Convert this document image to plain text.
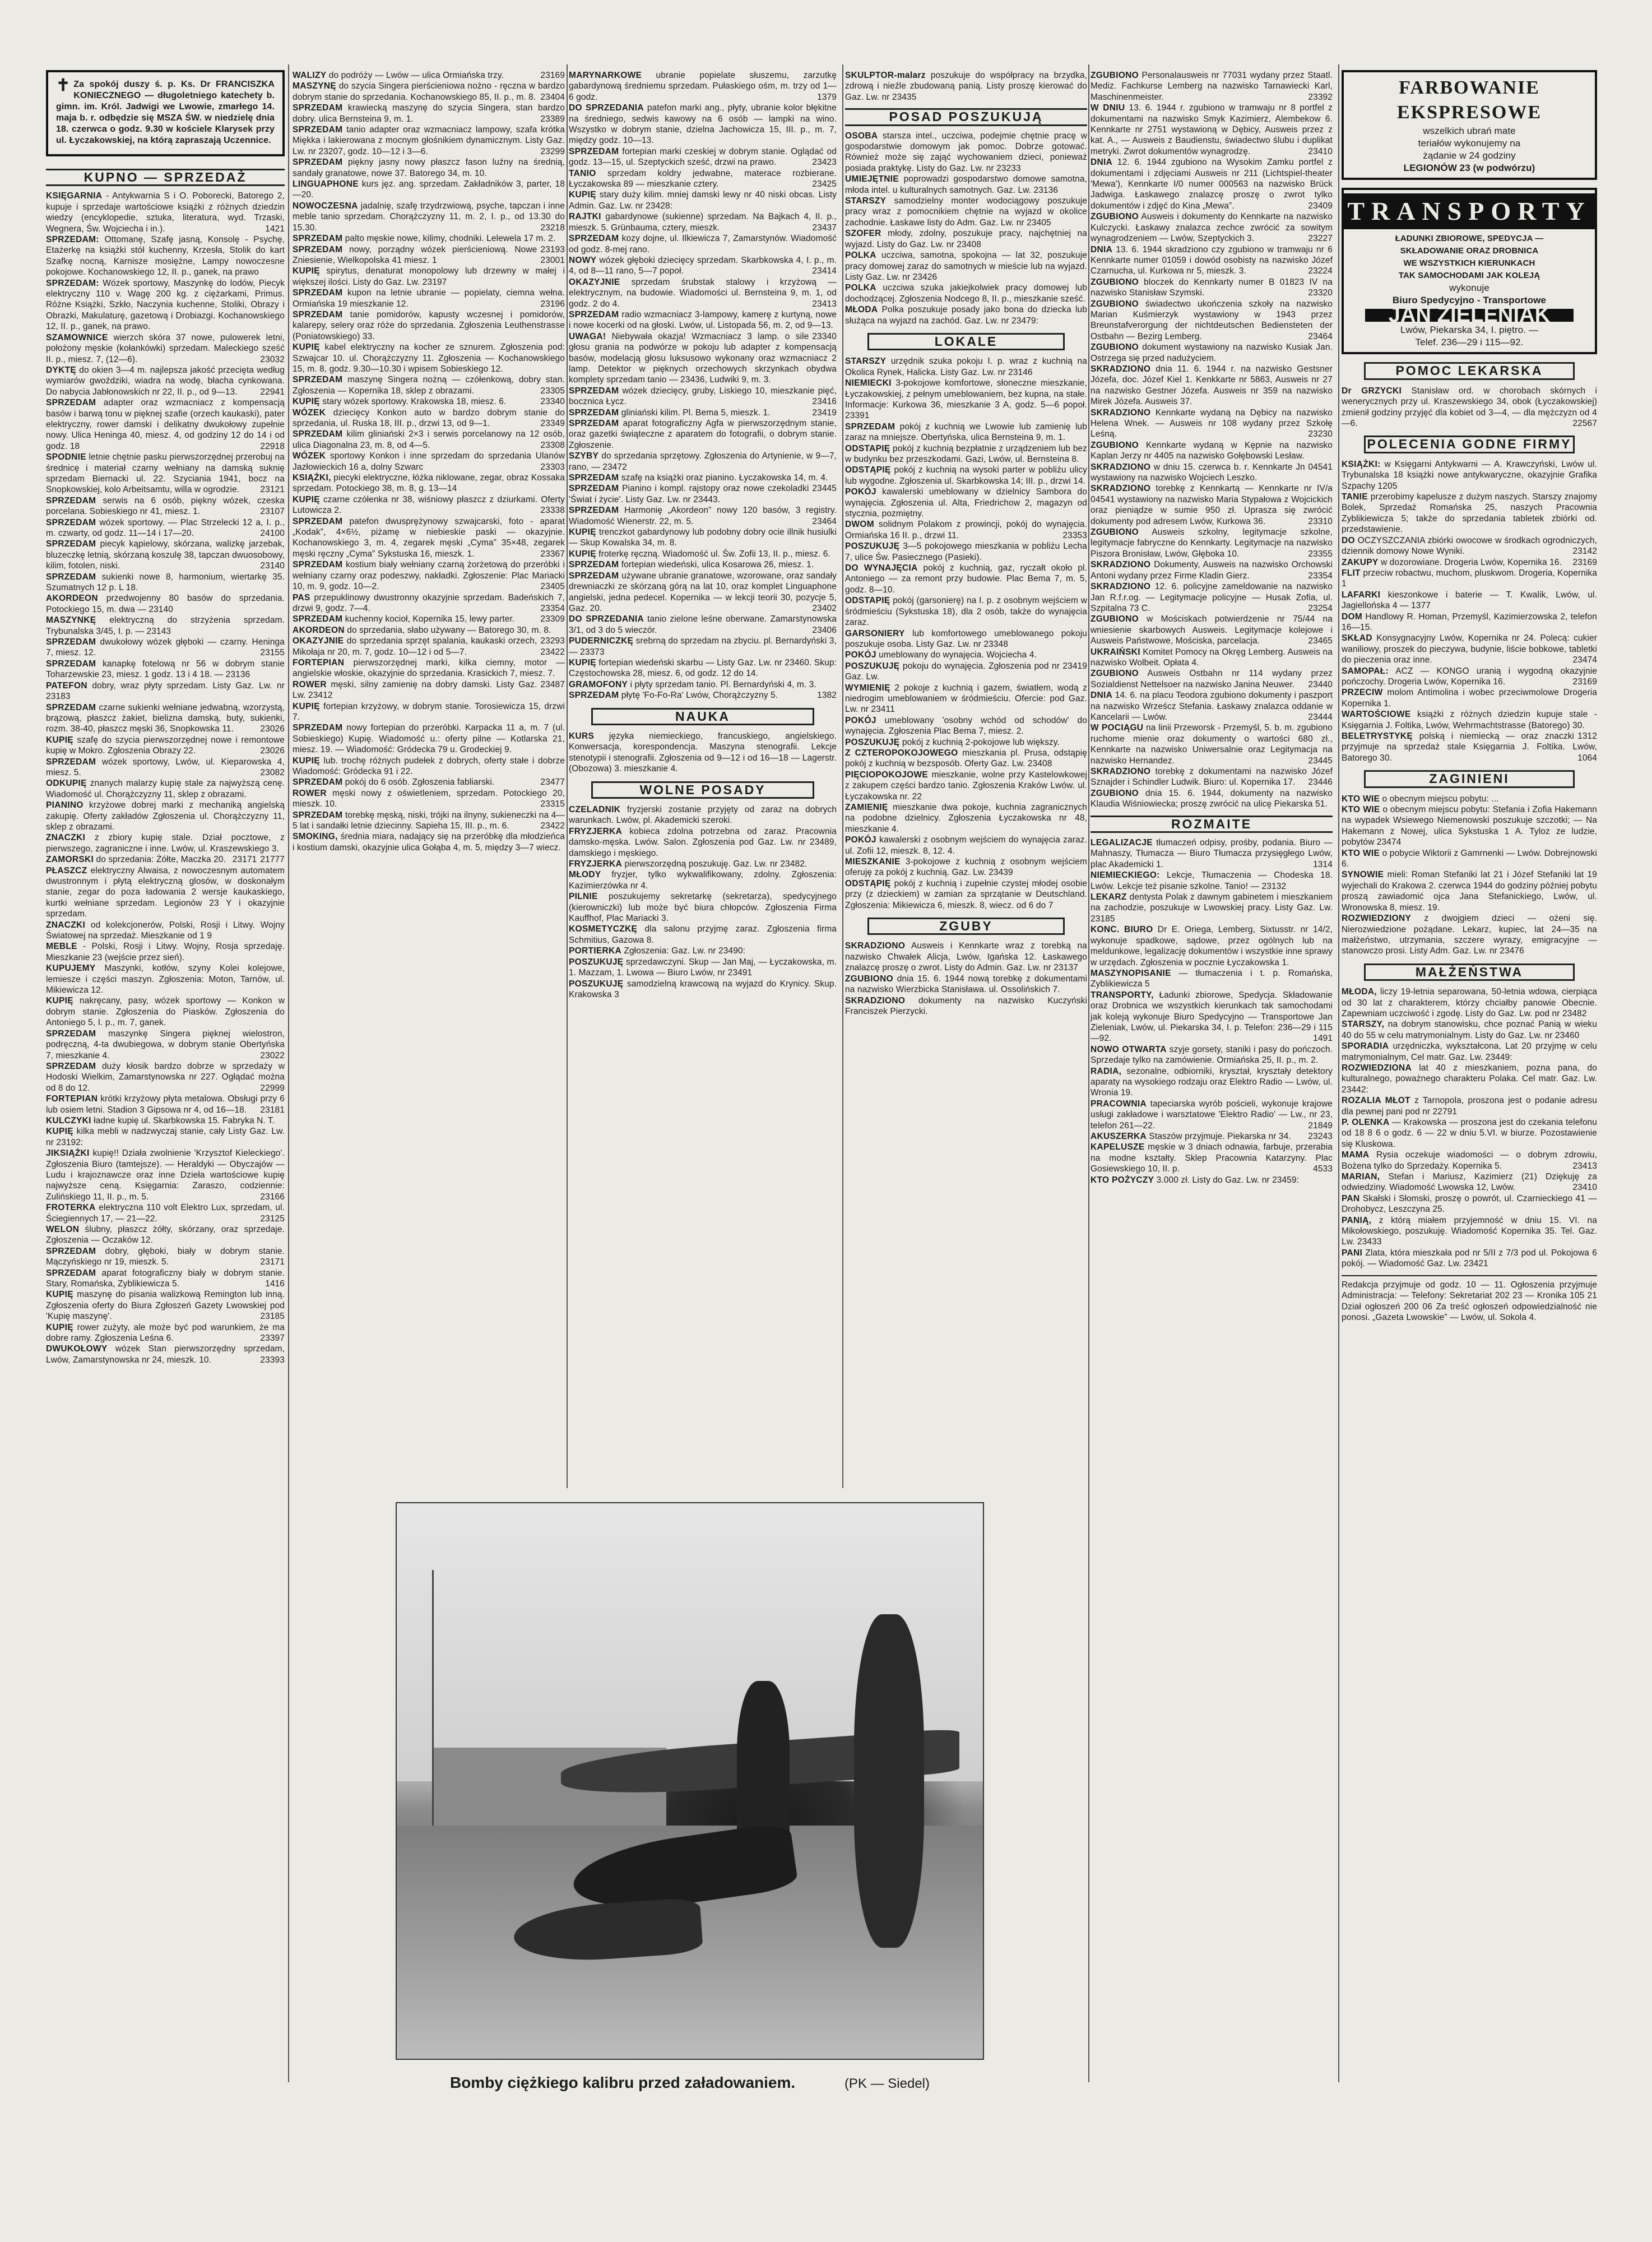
✝ Za spokój duszy ś. p. Ks. Dr FRANCISZKA KONIECZNEGO — długoletniego katechety b. gimn. im. Król. Jadwigi we Lwowie, zmarłego 14. maja b. r. odbędzie się MSZA ŚW. w niedzielę dnia 18. czerwca o godz. 9.30 w kościele Klarysek przy ul. Łyczakowskiej, na którą zapraszają Uczennice.
KUPNO — SPRZEDAŻ
KSIĘGARNIA - Antykwarnia S i O. Poborecki, Batorego 2, kupuje i sprzedaje wartościowe książki z różnych dziedzin wiedzy (encyklopedie, sztuka, literatura, wyd. Trzaski, Wegnera, Św. Wojciecha i in.).	1421
SPRZEDAM: Ottomanę, Szafę jasną, Konsolę - Psychę, Etażerkę na książki stół kuchenny, Krzesła, Stolik do kart Szafkę nocną, Karnisze mosiężne, Lampy nowoczesne pokojowe. Kochanowskiego 12, II. p., ganek, na prawo
SPRZEDAM: Wózek sportowy, Maszynkę do lodów, Piecyk elektryczny 110 v. Wagę 200 kg. z ciężarkami, Primus. Różne Książki, Szkło, Naczynia kuchenne, Stoliki, Obrazy i Obrazki, Makulaturę, gazetową i Drobiazgi. Kochanowskiego 12, II. p., ganek, na prawo.
SZAMOWNICE wierzch skóra 37 nowe, pulowerek letni, położony męskie (kołankówki) sprzedam. Maleckiego sześć II. p., miesz. 7, (12—6).	23032
DYKTĘ do okien 3—4 m. najlepsza jakość przecięta według wymiarów gwoździki, wiadra na wodę, błacha cynkowana. Do nabycia Jabłonowskich nr 22, II. p., od 9—13.	22941
SPRZEDAM adapter oraz wzmacniacz z kompensacją basów i barwą tonu w pięknej szafie (orzech kaukaski), pater elektryczny, rower damski i delikatny dwukołowy zupełnie nowy. Ulica Heninga 40, miesz. 4, od godziny 12 do 14 i od godz. 18	22918
SPODNIE letnie chętnie pasku pierwszorzędnej przerobuj na średnicę i materiał czarny wełniany na damską suknię sprzedam Biernacki ul. 22. Szyciania 1941, bocz na Snopkowskiej, kolo Arbeitsamtu, willa w ogrodzie.	23121
SPRZEDAM serwis na 6 osób, piękny wózek, czeska porcelana. Sobieskiego nr 41, miesz. 1.	23107
SPRZEDAM wózek sportowy. — Plac Strzelecki 12 a, I. p., m. czwarty, od godz. 11—14 i 17—20.	24100
SPRZEDAM piecyk kąpielowy, skórzana, walizkę jarzebak, bluzeczkę letnią, skórzaną koszulę 38, tapczan dwuosobowy, kilim, fotolen, niski.	23140
SPRZEDAM sukienki nowe 8, harmonium, wiertarkę 35. Szumatnych 12 p. L 18.
AKORDEON przedwojenny 80 basów do sprzedania. Potockiego 15, m. dwa — 23140
MASZYNKĘ elektryczną do strzyżenia sprzedam. Trybunalska 3/45, I. p. — 23143
SPRZEDAM dwukołowy wózek głęboki — czarny. Heninga 7, miesz. 12.	23155
SPRZEDAM kanapkę fotelową nr 56 w dobrym stanie Toharzewskie 23, miesz. 1 godz. 13 i 4 18. — 23136
PATEFON dobry, wraz płyty sprzedam. Listy Gaz. Lw. nr 23183
SPRZEDAM czarne sukienki wełniane jedwabną, wzorzystą, brązową, płaszcz żakiet, bielizna damską, buty, sukienki, rozm. 38-40, płaszcz męski 36, Snopkowska 11.	23026
KUPIĘ szafę do szycia pierwszorzędnej nowe i remontowe kupię w Mokro. Zgłoszenia Obrazy 22.	23026
SPRZEDAM wózek sportowy, Lwów, ul. Kieparowska 4, miesz. 5.	23082
ODKUPIĘ znanych malarzy kupię stale za najwyższą cenę. Wiadomość ul. Chorążczyzny 11, sklep z obrazami.
PIANINO krzyżowe dobrej marki z mechaniką angielską zakupię. Oferty zakładów Zgłoszenia ul. Chorążczyzny 11, sklep z obrazami.
ZNACZKI z zbiory kupię stale. Dział pocztowe, z pierwszego, zagraniczne i inne. Lwów, ul. Kraszewskiego 3.
21777
ZAMORSKI do sprzedania: Żółte, Maczka 20. 23171
PŁASZCZ elektryczny Alwaisa, z nowoczesnym automatem dwustronnym i płytą elektryczną glosów, w doskonałym stanie, zegar do poza ładowania 2 wersje kaukaskiego, kurtki wełniane sprzedam. Legionów 23 Y i okazyjnie sprzedam.
ZNACZKI od kolekcjonerów, Polski, Rosji i Litwy. Wojny Światowej na sprzedaż. Mieszkanie od 1 9
MEBLE - Polski, Rosji i Litwy. Wojny, Rosja sprzedaję. Mieszkanie 23 (wejście przez sień).
KUPUJEMY Maszynki, kotłów, szyny Kolei kolejowe, lemiesze i części maszyn. Zgłoszenia: Moton, Tarnów, ul. Mikiewicza 12.
KUPIĘ nakręcany, pasy, wózek sportowy — Konkon w dobrym stanie. Zgłoszenia do Piasków. Zgłoszenia do Antoniego 5, I. p., m. 7, ganek.
SPRZEDAM maszynkę Singera pięknej wielostron, podręczną, 4-ta dwubiegowa, w dobrym stanie Obertyńska 7, mieszkanie 4.	23022
SPRZEDAM duży kłosik bardzo dobrze w sprzedaży w Hodoski Wielkim, Zamarstynowska nr 227. Ogłądać można od 8 do 12.	22999
FORTEPIAN krótki krzyżowy płyta metalowa. Obsługi przy 6 lub osiem letni. Stadion 3 Gipsowa nr 4, od 16—18.	23181
KULCZYKI ładne kupię ul. Skarbkowska 15. Fabryka N. T.
KUPIĘ kilka mebli w nadzwyczaj stanie, cały Listy Gaz. Lw. nr 23192:
JIKSIĄŻKI kupię!! Działa zwolnienie 'Krzysztof Kieleckiego'. Zgłoszenia Biuro (tamtejsze). — Heraldyki — Obyczajów — Ludu i krajoznawcze oraz inne Dzieła wartościowe kupię najwyższe ceną. Księgarnia: Zaraszo, codziennie: Zulińskiego 11, II. p., m. 5.	23166
FROTERKA elektryczna 110 volt Elektro Lux, sprzedam, ul. Ściegiennych 17, — 21—22.	23125
WELON ślubny, płaszcz żółty, skórzany, oraz sprzedaje. Zgłoszenia — Oczaków 12.
SPRZEDAM dobry, głęboki, biały w dobrym stanie. Mączyńskiego nr 19, mieszk. 5.	23171
SPRZEDAM aparat fotograficzny biały w dobrym stanie. Stary, Romańska, Zyblikiewicza 5.	1416
KUPIĘ maszynę do pisania walizkową Remington lub inną. Zgłoszenia oferty do Biura Zgłoszeń Gazety Lwowskiej pod 'Kupię maszynę'.	23185
KUPIĘ rower zużyty, ale może być pod warunkiem, że ma dobre ramy. Zgłoszenia Leśna 6.	23397
DWUKOŁOWY wózek Stan pierwszorzędny sprzedam, Lwów, Zamarstynowska nr 24, mieszk. 10.	23393
WALIZY do podróży — Lwów — ulica Ormiańska trzy.	23169
MASZYNĘ do szycia Singera pierścieniowa nożno - ręczna w bardzo dobrym stanie do sprzedania. Kochanowskiego 85, II. p., m. 8. 23404
SPRZEDAM krawiecką maszynę do szycia Singera, stan bardzo dobry. ulica Bernsteina 9, m. 1.	23389
SPRZEDAM tanio adapter oraz wzmacniacz lampowy, szafa krótka Miękka i lakierowana z mocnym głośnikiem dynamicznym. Listy Gaz. Lw. nr 23207, godz. 10—12 i 3—6.	23299
SPRZEDAM piękny jasny nowy płaszcz fason luźny na średnią, sandały granatowe, nowe 37. Batorego 34, m. 10.
LINGUAPHONE kurs jęz. ang. sprzedam. Zakładników 3, parter, 18—20.
NOWOCZESNA jadalnię, szafę trzydrzwiową, psyche, tapczan i inne meble tanio sprzedam. Chorążczyzny 11, m. 2, I. p., od 13.30 do 15.30.	23218
SPRZEDAM palto męskie nowe, kilimy, chodniki. Lelewela 17 m. 2.
23193
SPRZEDAM nowy, porządny wózek pierścieniową. Nowe Zniesienie, Wielkopolska 41 miesz. 1	23001
KUPIĘ spirytus, denaturat monopolowy lub drzewny w małej i większej ilości. Listy do Gaz. Lw. 23197
SPRZEDAM kupon na letnie ubranie — popielaty, ciemna wełna. Ormiańska 19 mieszkanie 12.	23196
SPRZEDAM tanie pomidorów, kapusty wczesnej i pomidorów, kalarepy, selery oraz róże do sprzedania. Zgłoszenia Leuthenstrasse (Poniatowskiego) 33.
KUPIĘ kabel elektryczny na kocher ze sznurem. Zgłoszenia pod: Szwajcar 10. ul. Chorążczyzny 11. Zgłoszenia — Kochanowskiego 15, m. 8, godz. 9.30—10.30 i wpisem Sobieskiego 12.
SPRZEDAM maszynę Singera nożną — czółenkową, dobry stan. Zgłoszenia — Kopernika 18, sklep z obrazami.	23305
KUPIĘ stary wózek sportowy. Krakowska 18, miesz. 6.	23340
WÓZEK dziecięcy Konkon auto w bardzo dobrym stanie do sprzedania, ul. Ruska 18, III. p., drzwi 13, od 9—1.	23349
SPRZEDAM kilim gliniański 2×3 i serwis porcelanowy na 12 osób, ulica Diagonalna 23, m. 8, od 4—5.	23308
WÓZEK sportowy Konkon i inne sprzedam do sprzedania Ulanów Jazłowieckich 16 a, dolny Szwarc	23303
KSIĄŻKI, piecyki elektryczne, łóżka niklowane, zegar, obraz Kossaka sprzedam. Potockiego 38, m. 8, g. 13—14
KUPIĘ czarne czółenka nr 38, wiśniowy płaszcz z dziurkami. Oferty Lutowicza 2.	23338
SPRZEDAM patefon dwusprężynowy szwajcarski, foto - aparat „Kodak”, 4×6½, piżamę w niebieskie paski — okazyjnie. Kochanowskiego 3, m. 4, zegarek męski „Cyma” 35×48, zegarek męski ręczny „Cyma” Sykstuska 16, mieszk. 1.	23367
SPRZEDAM kostium biały wełniany czarną żorżetową do przeróbki i wełniany czarny oraz podeszwy, nakładki. Zgłoszenie: Plac Mariacki 10, m. 9, godz. 10—2.	23405
PAS przepuklinowy dwustronny okazyjnie sprzedam. Badeńskich 7, drzwi 9, godz. 7—4.	23354
SPRZEDAM kuchenny kocioł, Kopernika 15, lewy parter.	23309
AKORDEON do sprzedania, słabo używany — Batorego 30, m. 8.
23293
OKAZYJNIE do sprzedania sprzęt spalania, kaukaski orzech, Mikołaja nr 20, m. 7, godz. 10—12 i od 5—7.	23422
FORTEPIAN pierwszorzędnej marki, kilka ciemny, motor — angielskie włoskie, okazyjnie do sprzedania. Krasickich 7, miesz. 7.
23487
ROWER męski, silny zamienię na dobry damski. Listy Gaz. Lw. 23412
KUPIĘ fortepian krzyżowy, w dobrym stanie. Torosiewicza 15, drzwi 7.
SPRZEDAM nowy fortepian do przeróbki. Karpacka 11 a, m. 7 (ul. Sobieskiego) Kupię. Wiadomość u.: oferty pilne — Kotlarska 21, miesz. 19. — Wiadomość: Gródecka 79 u. Grodeckiej 9.
KUPIĘ lub. trochę różnych pudełek z dobrych, oferty stałe i dobrze Wiadomość: Gródecka 91 i 22.
SPRZEDAM pokój do 6 osób. Zgłoszenia fabliarski.	23477
ROWER męski nowy z oświetleniem, sprzedam. Potockiego 20, mieszk. 10.	23315
SPRZEDAM torebkę męską, niski, trójki na ilnyny, sukieneczki na 4—5 lat i sandałki letnie dziecinny. Sapieha 15, III. p., m. 6.	23422
SMOKING, średnia miara, nadający się na przeróbkę dla młodzieńca i kostium damski, okazyjnie ulica Gołąba 4, m. 5, między 3—7 wiecz.
MARYNARKOWE ubranie popielate słuszemu, zarzutkę gabardynową średniemu sprzedam. Pułaskiego ośm, m. trzy od 1—6 godz.	1379
DO SPRZEDANIA patefon marki ang., płyty, ubranie kolor błękitne na średniego, sedwis kawowy na 6 osób — lampki na wino. Wszystko w dobrym stanie, dzielna Jachowicza 15, III. p., m. 7, między godz. 10—13.
SPRZEDAM fortepian marki czeskiej w dobrym stanie. Oglądać od godz. 13—15, ul. Szeptyckich sześć, drzwi na prawo.	23423
TANIO sprzedam koldry jedwabne, materace rozbierane. Łyczakowska 89 — mieszkanie cztery.	23425
KUPIĘ stary duży kilim. mniej damski lewy nr 40 niski obcas. Listy Admin. Gaz. Lw. nr 23428:
RAJTKI gabardynowe (sukienne) sprzedam. Na Bajkach 4, II. p., mieszk. 5. Grünbauma, cztery, mieszk.	23437
SPRZEDAM kozy dojne, ul. Ilkiewicza 7, Zamarstynów. Wiadomość od godz. 8-mej rano.
NOWY wózek głęboki dziecięcy sprzedam. Skarbkowska 4, I. p., m. 4, od 8—11 rano, 5—7 popoł.	23414
OKAZYJNIE sprzedam śrubstak stalowy i krzyżową — elektrycznym, na budowie. Wiadomości ul. Bernsteina 9, m. 1, od godz. 2 do 4.	23413
SPRZEDAM radio wzmacniacz 3-lampowy, kamerę z kurtyną, nowe i nowe kocerki od na głoski. Lwów, ul. Listopada 56, m. 2, od 9—13.
23340
UWAGA! Niebywała okazja! Wzmacniacz 3 lamp. o sile głosu grania na podwórze w pokoju lub adapter z kompensacją basów, modelacją głosu luksusowo wykonany oraz wzmacniacz 2 lamp. Detektor w pięknych orzechowych skrzynkach obydwa komplety sprzedam tanio — 23436, Ludwiki 9, m. 3.
SPRZEDAM wózek dziecięcy, gruby, Liskiego 10, mieszkanie pięć, bocznica Łycz.	23416
SPRZEDAM gliniański kilim. Pl. Bema 5, mieszk. 1.	23419
SPRZEDAM aparat fotograficzny Agfa w pierwszorzędnym stanie, oraz gazetki świąteczne z aparatem do fotografii, o dobrym stanie. Zgłoszenie.
SZYBY do sprzedania sprzętowy. Zgłoszenia do Artynienie, w 9—7, rano, — 23472
SPRZEDAM szafę na książki oraz pianino. Łyczakowska 14, m. 4.
23445
SPRZEDAM Pianino i kompl. rajstopy oraz nowe czekoladki 'Świat i życie'. Listy Gaz. Lw. nr 23443.
SPRZEDAM Harmonię „Akordeon” nowy 120 basów, 3 registry. Wiadomość Wienerstr. 22, m. 5.	23464
KUPIĘ trenczkot gabardynowy lub podobny dobry ocie illnik husiulki — Skup Kowalska 34, m. 8.
KUPIĘ froterkę ręczną. Wiadomość ul. Św. Zofii 13, II. p., miesz. 6.
SPRZEDAM fortepian wiedeński, ulica Kosarowa 26, miesz. 1.
SPRZEDAM używane ubranie granatowe, wzorowane, oraz sandały drewniaczki ze skórzaną górą na lat 10, oraz komplet Linguaphone angielski, jedna pedecel. Kopernika — w lekcji teorii 30, pozycje 5, Gaz. 20.	23402
DO SPRZEDANIA tanio zielone leśne oberwane. Zamarstynowska 3/1, od 3 do 5 wieczór.	23406
PUDERNICZKĘ srebrną do sprzedam na zbyciu. pl. Bernardyński 3, — 23373
KUPIĘ fortepian wiedeński skarbu — Listy Gaz. Lw. nr 23460. Skup: Częstochowska 28, miesz. 6, od godz. 12 do 14.
GRAMOFONY i płyty sprzedam tanio. Pl. Bernardyński 4, m. 3.
SPRZEDAM płytę 'Fo-Fo-Ra' Lwów, Chorążczyzny 5.	1382
NAUKA
KURS języka niemieckiego, francuskiego, angielskiego. Konwersacja, korespondencja. Maszyna stenografii. Lekcje stenotypii i stenografii. Zgłoszenia od 9—12 i od 16—18 — Lagerstr. (Obozowa) 3. mieszkanie 4.
WOLNE POSADY
CZELADNIK fryzjerski zostanie przyjęty od zaraz na dobrych warunkach. Lwów, pl. Akademicki szeroki.
FRYZJERKA kobieca zdolna potrzebna od zaraz. Pracownia damsko-męska. Lwów. Salon. Zgłoszenia pod Gaz. Lw. nr 23489, damskiego i męskiego.
FRYZJERKA pierwszorzędną poszukuję. Gaz. Lw. nr 23482.
MŁODY fryzjer, tylko wykwalifikowany, zdolny. Zgłoszenia: Kazimierzówka nr 4.
PILNIE poszukujemy sekretarkę (sekretarza), spedycyjnego (kierowniczki) lub może być biura chłopców. Zgłoszenia Firma Kauffhof, Plac Mariacki 3.
KOSMETYCZKĘ dla salonu przyjmę zaraz. Zgłoszenia firma Schmitius, Gazowa 8.
PORTIERKA Zgłoszenia: Gaz. Lw. nr 23490:
POSZUKUJĘ sprzedawczyni. Skup — Jan Maj, — Łyczakowska, m. 1. Mazzam, 1. Lwowa — Biuro Lwów, nr 23491
POSZUKUJĘ samodzielną krawcową na wyjazd do Krynicy. Skup. Krakowska 3
SKULPTOR-malarz poszukuje do współpracy na brzydka, zdrową i nieźle zbudowaną panią. Listy proszę kierować do Gaz. Lw. nr 23435
POSAD POSZUKUJĄ
OSOBA starsza intel., uczciwa, podejmie chętnie pracę w gospodarstwie domowym jak pomoc. Dobrze gotować. Również może się zająć wychowaniem dzieci, ponieważ posiada praktykę. Listy do Gaz. Lw. nr 23233
UMIEJĘTNIE poprowadzi gospodarstwo domowe samotna, młoda intel. u kulturalnych samotnych. Gaz. Lw. 23136
STARSZY samodzielny monter wodociągowy poszukuje pracy wraz z pomocnikiem chętnie na wyjazd w okolice zachodnie. Łaskawe listy do Adm. Gaz. Lw. nr 23405
SZOFER młody, zdolny, poszukuje pracy, najchętniej na wyjazd. Listy do Gaz. Lw. nr 23408
POLKA uczciwa, samotna, spokojna — lat 32, poszukuje pracy domowej zaraz do samotnych w mieście lub na wyjazd. Listy Gaz. Lw. nr 23426
POLKA uczciwa szuka jakiejkolwiek pracy domowej lub dochodzącej. Zgłoszenia Nodcego 8, II. p., mieszkanie sześć.
MŁODA Polka poszukuje posady jako bona do dziecka lub służąca na wyjazd na zachód. Gaz. Lw. nr 23479:
LOKALE
STARSZY urzędnik szuka pokoju I. p. wraz z kuchnią na Okolica Rynek, Halicka. Listy Gaz. Lw. nr 23146
NIEMIECKI 3-pokojowe komfortowe, słoneczne mieszkanie, Łyczakowskiej, z pełnym umeblowaniem, bez kupna, na stałe. Informacje: Kurkowa 36, mieszkanie 3 A, godz. 5—6 popoł. 23391
SPRZEDAM pokój z kuchnią we Lwowie lub zamienię lub zaraz na mniejsze. Obertyńska, ulica Bernsteina 9, m. 1.
ODSTAPIĘ pokój z kuchnią bezpłatnie z urządzeniem lub bez w budynku bez przeszkodami. Gazi, Lwów, ul. Bernsteina 8.
ODSTĄPIĘ pokój z kuchnią na wysoki parter w pobliżu ulicy lub wygodne. Zgłoszenia ul. Skarbkowska 14; III. p., drzwi 14.
POKÓJ kawalerski umeblowany w dzielnicy Sambora do wynajęcia. Zgłoszenia ul. Alta, Friedrichow 2, magazyn od stycznia, pozmiętny.
DWOM solidnym Polakom z prowincji, pokój do wynajęcia. Ormiańska 16 II. p., drzwi 11.	23353
POSZUKUJĘ 3—5 pokojowego mieszkania w pobliżu Lecha 7, ulice Św. Pasiecznego (Pasieki).
DO WYNAJĘCIA pokój z kuchnią, gaz, ryczałt około pl. Antoniego — za remont przy budowie. Plac Bema 7, m. 5, godz. 8—10.
ODSTAPIĘ pokój (garsonierę) na I. p. z osobnym wejściem w śródmieściu (Sykstuska 18), dla 2 osób, także do wynajęcia zaraz.
GARSONIERY lub komfortowego umeblowanego pokoju poszukuje osoba. Listy Gaz. Lw. nr 23348
POKÓJ umeblowany do wynajęcia. Wojciecha 4.
POSZUKUJĘ pokoju do wynajęcia. Zgłoszenia pod nr 23419 Gaz. Lw.
WYMIENIĘ 2 pokoje z kuchnią i gazem, światłem, wodą z niedrogim umeblowaniem w śródmieściu. Ofercie: pod Gaz. Lw. nr 23411
POKÓJ umeblowany 'osobny wchód od schodów' do wynajęcia. Zgłoszenia Plac Bema 7, miesz. 2.
POSZUKUJĘ pokój z kuchnią 2-pokojowe lub większy.
Z CZTEROPOKOJOWEGO mieszkania pl. Prusa, odstąpię pokój z kuchnią w bezsposób. Oferty Gaz. Lw. 23408
PIĘCIOPOKOJOWE mieszkanie, wolne przy Kastelowkowej z zakupem części bardzo tanio. Zgłoszenia Kraków Lwów. ul. Łyczakowska nr. 22
ZAMIENIĘ mieszkanie dwa pokoje, kuchnia zagranicznych na podobne dzielnicy. Zgłoszenia Łyczakowska nr 48, mieszkanie 4.
POKÓJ kawalerski z osobnym wejściem do wynajęcia zaraz. ul. Zofii 12, mieszk. 8, 12. 4.
MIESZKANIE 3-pokojowe z kuchnią z osobnym wejściem oferuję za pokój z kuchnią. Gaz. Lw. 23439
ODSTĄPIĘ pokój z kuchnią i zupełnie czystej młodej osobie przy (z dzieckiem) w zamian za sprzątanie w Deutschland. Zgłoszenia: Mikiewicza 6, mieszk. 8, wiecz. od 6 do 7
ZGUBY
SKRADZIONO Ausweis i Kennkarte wraz z torebką na nazwisko Chwałek Alicja, Lwów, Igańska 12. Łaskawego znalazcę proszę o zwrot. Listy do Admin. Gaz. Lw. nr 23137
ZGUBIONO dnia 15. 6. 1944 nową torebkę z dokumentami na nazwisko Wierzbicka Stanisława. ul. Ossolińskich 7.
SKRADZIONO dokumenty na nazwisko Kuczyński Franciszek Pierzycki.
ZGUBIONO Personalausweis nr 77031 wydany przez Staatl. Mediz. Fachkurse Lemberg na nazwisko Tarnawiecki Karl, Maschinenmeister.	23392
W DNIU 13. 6. 1944 r. zgubiono w tramwaju nr 8 portfel z dokumentami na nazwisko Smyk Kazimierz, Alembekow 6. Kennkarte nr 2751 wystawioną w Dębicy, Ausweis przez z kat. A., — Ausweis z Baudienstu, świadectwo ślubu i duplikat metryki. Zwrot dokumentów wynagrodzę.	23410
DNIA 12. 6. 1944 zgubiono na Wysokim Zamku portfel z dokumentami i zdjęciami Ausweis nr 211 (Lichtspiel-theater 'Mewa'), Kennkarte I/0 numer 000563 na nazwisko Brück Jadwiga. Łaskawego znalazcę proszę o zwrot tylko dokumentów i zdjęć do Kina „Mewa”.	23409
ZGUBIONO Ausweis i dokumenty do Kennkarte na nazwisko Kulczycki. Łaskawy znalazca zechce zwrócić za sowitym wynagrodzeniem — Lwów, Szeptyckich 3.	23227
DNIA 13. 6. 1944 skradziono czy zgubiono w tramwaju nr 6 Kennkarte numer 01059 i dowód osobisty na nazwisko Józef Czarnucha, ul. Kurkowa nr 5, mieszk. 3.	23224
ZGUBIONO bloczek do Kennkarty numer B 01823 IV na nazwisko Stanisław Szymski.	23320
ZGUBIONO świadectwo ukończenia szkoły na nazwisko Marian Kuśmierzyk wystawiony w 1943 przez Breunstafverorgung der nichtdeutschen Bediensteten der Ostbahn — Bezirg Lemberg.	23464
ZGUBIONO dokument wystawiony na nazwisko Kusiak Jan. Ostrzega się przed nadużyciem.
SKRADZIONO dnia 11. 6. 1944 r. na nazwisko Gestsner Józefa, doc. Józef Kiel 1. Kenkkarte nr 5863, Ausweis nr 27 na nazwisko Gestner Józefa. Ausweis nr 359 na nazwisko Mirek Józefa. Ausweis 37.
SKRADZIONO Kennkarte wydaną na Dębicy na nazwisko Helena Wnek. — Ausweis nr 108 wydany przez Szkołę Leśną.	23230
ZGUBIONO Kennkarte wydaną w Kępnie na nazwisko Kaplan Jerzy nr 4405 na nazwisko Gołębowski Lesław.
SKRADZIONO w dniu 15. czerwca b. r. Kennkarte Jn 04541 wystawiony na nazwisko Wojciech Leszko.
SKRADZIONO torebkę z Kennkartą — Kennkarte nr IV/a 04541 wystawiony na nazwisko Maria Stypałowa z Wojcickich oraz pieniądze w sumie 950 zł. Uprasza się zwrócić dokumenty pod adresem Lwów, Kurkowa 36.	23310
ZGUBIONO Ausweis szkolny, legitymacje szkolne, legitymacje fabryczne do Kennkarty. Legitymacje na nazwisko Piszora Bronisław, Lwów, Głęboka 10.	23355
SKRADZIONO Dokumenty, Ausweis na nazwisko Orchowski Antoni wydany przez Firme Kladin Gierz.	23354
SKRADZIONO 12. 6. policyjne zameldowanie na nazwisko Jan R.f.r.og. — Legitymacje policyjne — Husak Zofia, ul. Szpitalna 73 C.	23254
ZGUBIONO w Mościskach potwierdzenie nr 75/44 na wniesienie skarbowych Ausweis. Legitymacje kolejowe i Ausweis Państwowe, Mościska, parcelacja.	23465
UKRAIŃSKI Komitet Pomocy na Okręg Lemberg. Ausweis na nazwisko Wolbeit. Opłata 4.
ZGUBIONO Ausweis Ostbahn nr 114 wydany przez Sozialdienst Nettelsoer na nazwisko Janina Neuwer.	23440
DNIA 14. 6. na placu Teodora zgubiono dokumenty i paszport na nazwisko Wrześcz Stefania. Łaskawy znalazca oddanie w Kancelarii — Lwów.	23444
W POCIĄGU na linii Przeworsk - Przemyśl, 5. b. m. zgubiono ruchome mienie oraz dokumenty o wartości 680 zł., Kennkarte na nazwisko Uniwersalnie oraz Legitymacja na nazwisko Hernandez.	23445
SKRADZIONO torebkę z dokumentami na nazwisko Józef Sznajder i Schindler Ludwik. Biuro: ul. Kopernika 17.	23446
ZGUBIONO dnia 15. 6. 1944, dokumenty na nazwisko Klaudia Wiśniowiecka; proszę zwrócić na ulicę Piekarska 51.
ROZMAITE
LEGALIZACJE tłumaczeń odpisy, prośby, podania. Biuro — Mahnaszy, Tłumacza — Biuro Tłumacza przysięgłego Lwów, plac Akademicki 1.	1314
NIEMIECKIEGO: Lekcje, Tłumaczenia — Chodeska 18. Lwów. Lekcje też pisanie szkolne. Tanio! — 23132
LEKARZ dentysta Polak z dawnym gabinetem i mieszkaniem na zachodzie, poszukuje w Lwowskiej pracy. Listy Gaz. Lw. 23185
KONC. BIURO Dr E. Oriega, Lemberg, Sixtusstr. nr 14/2, wykonuje spadkowe, sądowe, przez ogólnych lub na meldunkowe, legalizację dokumentów i wszystkie inne sprawy w urzędach. Zgłoszenia w pocznie Łyczakowska 1.
MASZYNOPISANIE — tłumaczenia i t. p. Romańska, Zyblikiewicza 5
TRANSPORTY, Ładunki zbiorowe, Spedycja. Składowanie oraz Drobnica we wszystkich kierunkach tak samochodami jak koleją wykonuje Biuro Spedycyjno — Transportowe Jan Zieleniak, Lwów, ul. Piekarska 34, I. p. Telefon: 236—29 i 115—92.	1491
NOWO OTWARTA szyje gorsety, staniki i pasy do pończoch. Sprzedaje tylko na zamówienie. Ormiańska 25, II. p., m. 2.
RADIA, sezonalne, odbiorniki, kryształ, kryształy detektory aparaty na wysokiego rodzaju oraz Elektro Radio — Lwów, ul. Wronia 19.
PRACOWNIA tapeciarska wyrób pościeli, wykonuje krajowe usługi zakładowe i warsztatowe 'Elektro Radio' — Lw., nr 23, telefon 261—22.	21849
AKUSZERKA Staszów przyjmuje. Piekarska nr 34.	23243
KAPELUSZE męskie w 3 dniach odnawia, farbuje, przerabia na modne kształty. Sklep Pracownia Katarzyny. Plac Gosiewskiego 10, II. p.	4533
KTO POŻYCZY 3.000 zł. Listy do Gaz. Lw. nr 23459:
FARBOWANIE EKSPRESOWE
wszelkich ubrań mate
teriałów wykonujemy na
żądanie w 24 godziny
LEGIONÓW 23 (w podwórzu)
TRANSPORTY
ŁADUNKI ZBIOROWE, SPEDYCJA —
SKŁADOWANIE ORAZ DROBNICA
WE WSZYSTKICH KIERUNKACH
TAK SAMOCHODAMI JAK KOLEJĄ
wykonuje
Biuro Spedycyjno - Transportowe
JAN ZIELENIAK
Lwów, Piekarska 34, I. piętro. —
Telef. 236—29 i 115—92.
POMOC LEKARSKA
Dr GRZYCKI Stanisław ord. w chorobach skórnych i wenerycznych przy ul. Kraszewskiego 34, obok (Łyczakowskiej) zmienił godziny przyjęć dla kobiet od 3—4, — dla mężczyzn od 4—6.	22567
POLECENIA GODNE FIRMY
KSIĄŻKI: w Księgarni Antykwarni — A. Krawczyński, Lwów ul. Trybunalska 18 książki nowe antykwaryczne, okazyjnie Grafika Szpachy 1205
TANIE przerobimy kapelusze z dużym naszych. Starszy znajomy Bolek, Sprzedaż Romańska 25, naszych Pracownia Zyblikiewicza 5; także do sprzedania tabletek zbiórki od. przedstawienie.
DO OCZYSZCZANIA zbiórki owocowe w środkach ogrodniczych, dziennik domowy Nowe Wyniki.	23142
ZAKUPY w dozorowiane. Drogeria Lwów, Kopernika 16.	23169
FLIT przeciw robactwu, muchom, pluskwom. Drogeria, Kopernika 1
LAFARKI kieszonkowe i baterie — T. Kwalik, Lwów, ul. Jagiellońska 4 — 1377
DOM Handlowy R. Homan, Przemyśl, Kazimierzowska 2, telefon 16—15.
SKŁAD Konsygnacyjny Lwów, Kopernika nr 24. Polecą: cukier waniliowy, proszek do pieczywa, budynie, liście bobkowe, tabletki do pieczenia oraz inne.	23474
SAMOPAŁ: ACZ — KONGO uranią i wygodną okazyjnie pończochy. Drogeria Lwów, Kopernika 16.	23169
PRZECIW molom Antimolina i wobec przeciwmolowe Drogeria Kopernika 1.
WARTOŚCIOWE książki z różnych dziedzin kupuje stale - Księgarnia J. Foltika, Lwów, Wehrmachtstrasse (Batorego) 30.
1312
BELETRYSTYKĘ polską i niemiecką — oraz znaczki przyjmuje na sprzedaż stale Księgarnia J. Foltika. Lwów, Batorego 30.	1064
ZAGINIENI
KTO WIE o obecnym miejscu pobytu: ...
KTO WIE o obecnym miejscu pobytu: Stefania i Zofia Hakemann na wypadek Wsiewego Niemenowski poszukuje szczotki; — Na Hakemann z Nowej, ulica Sykstuska 1 A. Tyloz ze ludzie, pobytów 23474
KTO WIE o pobycie Wiktorii z Gamrnenki — Lwów. Dobrejnowski 6.
SYNOWIE mieli: Roman Stefaniki lat 21 i Józef Stefaniki lat 19 wyjechali do Krakowa 2. czerwca 1944 do godziny później pobytu proszą zawiadomić ojca Jana Stefanickiego, Lwów, ul. Wronowska 8, miesz. 19.
ROZWIEDZIONY z dwojgiem dzieci — ożeni się. Nierozwiedzione pożądane. Lekarz, kupiec, lat 24—35 na małżeństwo, utrzymania, szczere wyrazy, emigracyjne — stanowczo prosi. Listy Adm. Gaz. Lw. nr 23476
MAŁŻEŃSTWA
MŁODA, liczy 19-letnia separowana, 50-letnia wdowa, cierpiąca od 30 lat z charakterem, którzy chciałby panowie Obecnie. Zapewniam uczciwość i zgodę. Listy do Gaz. Lw. pod nr 23482
STARSZY, na dobrym stanowisku, chce poznać Panią w wieku 40 do 55 w celu matrymonialnym. Listy do Gaz. Lw. nr 23460
SPORADIA urzędniczka, wykształcona, Lat 20 przyjmę w celu matrymonialnym, Cel matr. Gaz. Lw. 23449:
ROZWIEDZIONA lat 40 z mieszkaniem, pozna pana, do kulturalnego, poważnego charakteru Polaka. Cel matr. Gaz. Lw. 23442:
ROZALIA MŁOT z Tarnopola, proszona jest o podanie adresu dla pewnej pani pod nr 22791
P. OLENKA — Krakowska — proszona jest do czekania telefonu od 18 8 6 o godz. 6 — 22 w dniu 5.VI. w biurze. Pozostawienie się Kluskowa.
MAMA Rysia oczekuje wiadomości — o dobrym zdrowiu, Bożena tylko do Sprzedaży. Kopernika 5.	23413
MARIAN, Stefan i Mariusz, Kazimierz (21) Dziękuję za odwiedziny. Wiadomość Lwowska 12, Lwów.	23410
PAN Skałski i Słomski, proszę o powrót, ul. Czarnieckiego 41 — Drohobycz, Leszczyna 25.
PANIĄ, z którą miałem przyjemność w dniu 15. VI. na Mikołowskiego, poszukuję. Wiadomość Kopernika 35. Tel. Gaz. Lw. 23433
PANI Zlata, która mieszkała pod nr 5/II z 7/3 pod ul. Pokojowa 6 pokój. — Wiadomość Gaz. Lw. 23421
Redakcja przyjmuje od godz. 10 — 11. Ogłoszenia przyjmuje Administracja: — Telefony: Sekretariat 202 23 — Kronika 105 21 Dział ogłoszeń 200 06 Za treść ogłoszeń odpowiedzialność nie ponosi. „Gazeta Lwowskie” — Lwów, ul. Sokola 4.
Bomby ciężkiego kalibru przed załadowaniem.	(PK — Siedel)
